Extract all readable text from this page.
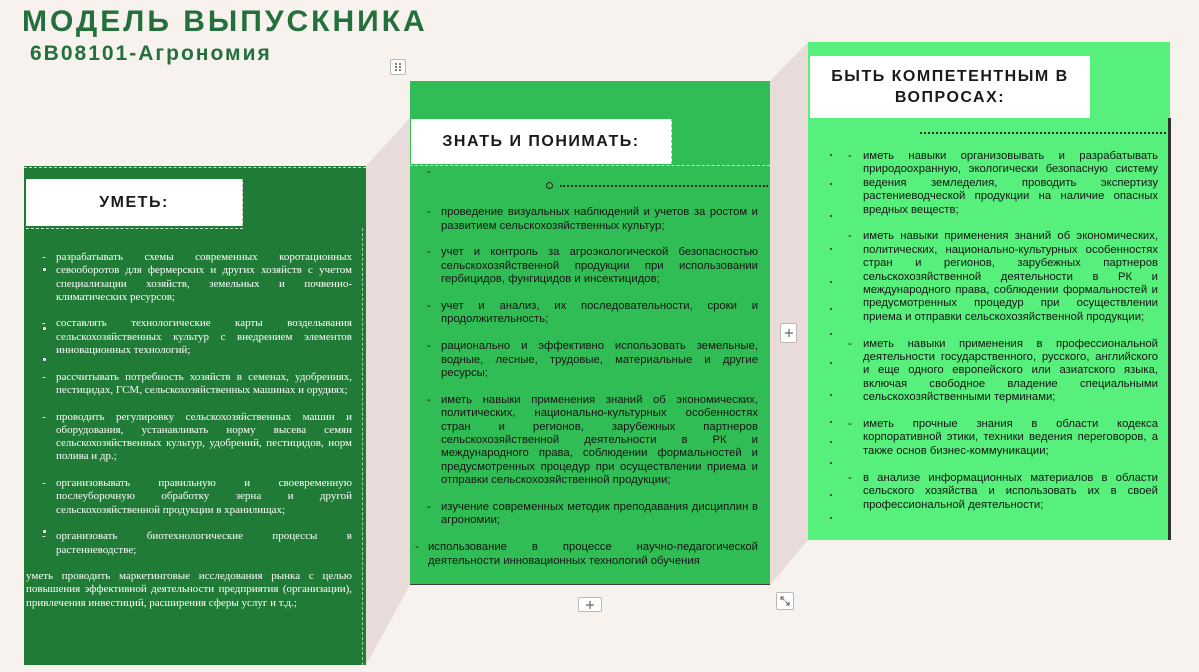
МОДЕЛЬ ВЫПУСКНИКА
6B08101-Агрономия
УМЕТЬ:
- разрабатывать схемы современных коротационных севооборотов для фермерских и других хозяйств с учетом специализации хозяйств, земельных и почвенно-климатических ресурсов;
- составлять технологические карты возделывания сельскохозяйственных культур с внедрением элементов инновационных технологий;
- рассчитывать потребность хозяйств в семенах, удобрениях, пестицидах, ГСМ, сельскохозяйственных машинах и орудиях;
- проводить регулировку сельскохозяйственных машин и оборудования, устанавливать норму высева семян сельскохозяйственных культур, удобрений, пестицидов, норм полива и др.;
- организовывать правильную и своевременную послеуборочную обработку зерна и другой сельскохозяйственной продукции в хранилищах;
- организовать биотехнологические процессы в растениеводстве;
уметь проводить маркетинговые исследования рынка с целью повышения эффективной деятельности предприятия (организации), привлечения инвестиций, расширения сферы услуг и т.д.;
ЗНАТЬ И ПОНИМАТЬ:
-
- проведение визуальных наблюдений и учетов за ростом и развитием сельскохозяйственных культур;
- учет и контроль за агроэкологической безопасностью сельскохозяйственной продукции при использовании гербицидов, фунгицидов и инсектицидов;
- учет и анализ, их последовательности, сроки и продолжительность;
- рационально и эффективно использовать земельные, водные, лесные, трудовые, материальные и другие ресурсы;
- иметь навыки применения знаний об экономических, политических, национально-культурных особенностях стран и регионов, зарубежных партнеров сельскохозяйственной деятельности в РК и международного права, соблюдении формальностей и предусмотренных процедур при осуществлении приема и отправки сельскохозяйственной продукции;
- изучение современных методик преподавания дисциплин в агрономии;
- использование в процессе научно-педагогической деятельности инновационных технологий обучения
БЫТЬ КОМПЕТЕНТНЫМ В ВОПРОСАХ:
- иметь навыки организовывать и разрабатывать природоохранную, экологически безопасную систему ведения земледелия, проводить экспертизу растениеводческой продукции на наличие опасных вредных веществ;
- иметь навыки применения знаний об экономических, политических, национально-культурных особенностях стран и регионов, зарубежных партнеров сельскохозяйственной деятельности в РК и международного права, соблюдении формальностей и предусмотренных процедур при осуществлении приема и отправки сельскохозяйственной продукции;
- иметь навыки применения в профессиональной деятельности государственного, русского, английского и еще одного европейского или азиатского языка, включая свободное владение специальными сельскохозяйственными терминами;
- иметь прочные знания в области кодекса корпоративной этики, техники ведения переговоров, а также основ бизнес-коммуникации;
- в анализе информационных материалов в области сельского хозяйства и использовать их в своей профессиональной деятельности;
